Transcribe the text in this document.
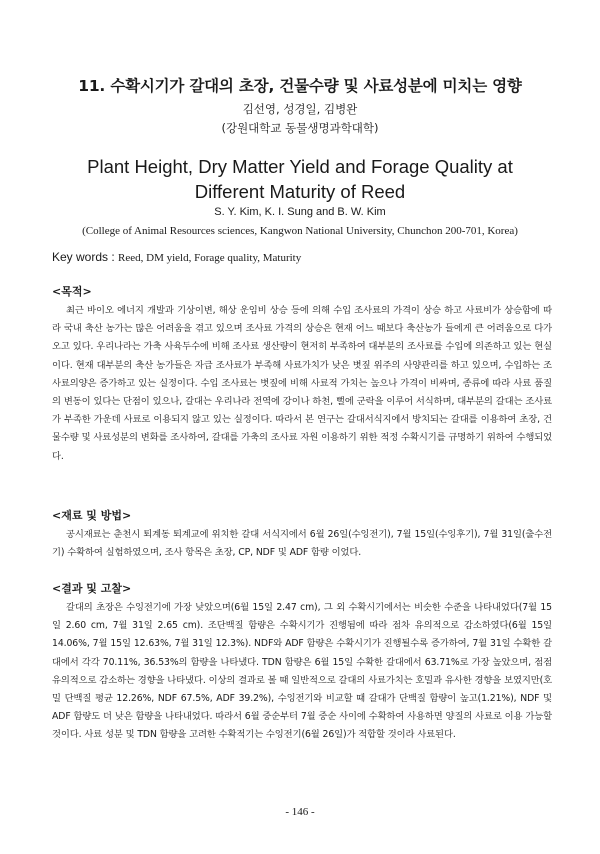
11. 수확시기가 갈대의 초장, 건물수량 및 사료성분에 미치는 영향
김선영, 성경일, 김병완
(강원대학교 동물생명과학대학)
Plant Height, Dry Matter Yield and Forage Quality at Different Maturity of Reed
S. Y. Kim, K. I. Sung and B. W. Kim
(College of Animal Resources sciences, Kangwon National University, Chunchon 200-701, Korea)
Key words : Reed, DM yield, Forage quality, Maturity
<목적>
최근 바이오 에너지 개발과 기상이변, 해상 운임비 상승 등에 의해 수입 조사료의 가격이 상승 하고 사료비가 상승함에 따라 국내 축산 농가는 많은 어려움을 겪고 있으며 조사료 가격의 상승은 현재 어느 때보다 축산농가 들에게 큰 어려움으로 다가오고 있다. 우리나라는 가축 사육두수에 비해 조사료 생산량이 현저히 부족하여 대부분의 조사료를 수입에 의존하고 있는 현실이다. 현재 대부분의 축산 농가들은 자급 조사료가 부족해 사료가치가 낮은 볏짚 위주의 사양관리를 하고 있으며, 수입하는 조사료의양은 증가하고 있는 실정이다. 수입 조사료는 볏짚에 비해 사료적 가치는 높으나 가격이 비싸며, 종류에 따라 사료 품질의 변동이 있다는 단점이 있으나, 갈대는 우리나라 전역에 강이나 하천, 뻘에 군락을 이루어 서식하며, 대부분의 갈대는 조사료가 부족한 가운데 사료로 이용되지 않고 있는 실정이다. 따라서 본 연구는 갈대서식지에서 방치되는 갈대를 이용하여 초장, 건물수량 및 사료성분의 변화를 조사하여, 갈대를 가축의 조사료 자원 이용하기 위한 적정 수확시기를 규명하기 위하여 수행되었다.
<재료 및 방법>
공시재료는 춘천시 퇴계동 퇴계교에 위치한 갈대 서식지에서 6월 26일(수잉전기), 7월 15일(수잉후기), 7월 31일(출수전기) 수확하여 실험하였으며, 조사 항목은 초장, CP, NDF 및 ADF 함량 이었다.
<결과 및 고찰>
갈대의 초장은 수잉전기에 가장 낮았으며(6월 15일 2.47 cm), 그 외 수확시기에서는 비슷한 수준을 나타내었다(7월 15일 2.60 cm, 7월 31일 2.65 cm). 조단백질 함량은 수확시기가 진행됨에 따라 점차 유의적으로 감소하였다(6월 15일 14.06%, 7월 15일 12.63%, 7월 31일 12.3%). NDF와 ADF 함량은 수확시기가 진행될수록 증가하여, 7월 31일 수확한 갈대에서 각각 70.11%, 36.53%의 함량을 나타냈다. TDN 함량은 6월 15일 수확한 갈대에서 63.71%로 가장 높았으며, 점점 유의적으로 감소하는 경향을 나타냈다. 이상의 결과로 볼 때 일반적으로 갈대의 사료가치는 호밀과 유사한 경향을 보였지만(호밀 단백질 평균 12.26%, NDF 67.5%, ADF 39.2%), 수잉전기와 비교할 때 갈대가 단백질 함량이 높고(1.21%), NDF 및 ADF 함량도 더 낮은 함량을 나타내었다. 따라서 6월 중순부터 7월 중순 사이에 수확하여 사용하면 양질의 사료로 이용 가능할 것이다. 사료 성분 및 TDN 함량을 고려한 수확적기는 수잉전기(6월 26일)가 적합할 것이라 사료된다.
- 146 -
